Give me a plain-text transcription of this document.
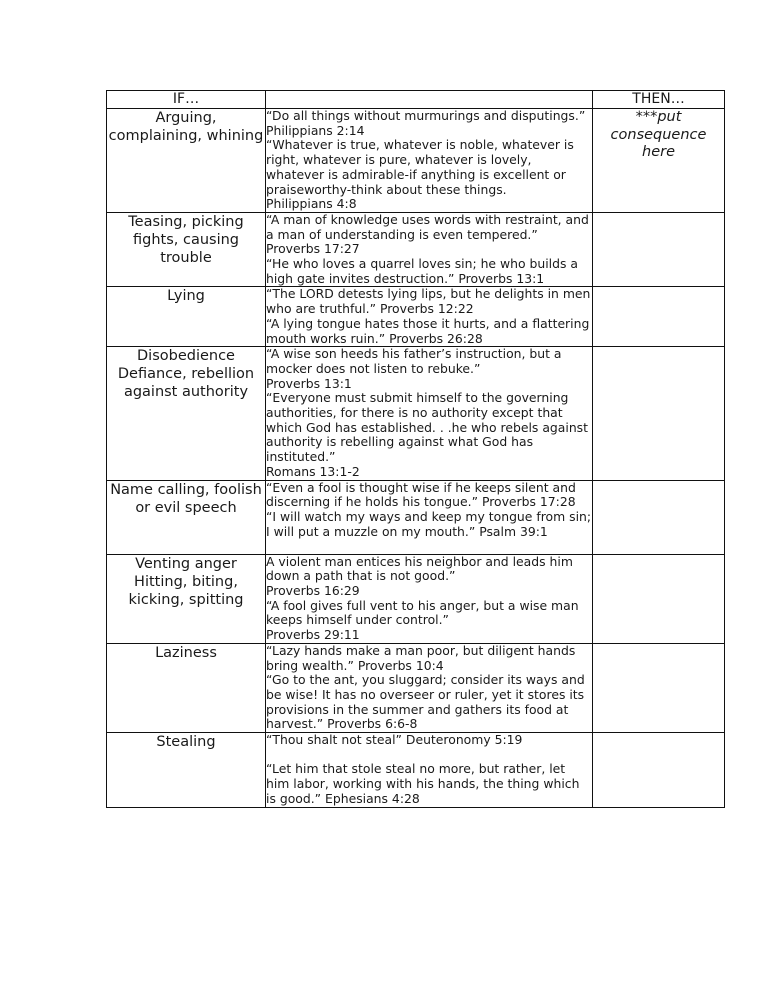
IF…		THEN…
Arguing, complaining, whining	“Do all things without murmurings and disputings.” Philippians 2:14
“Whatever is true, whatever is noble, whatever is right, whatever is pure, whatever is lovely, whatever is admirable-if anything is excellent or praiseworthy-think about these things.
Philippians 4:8	***put consequence here
Teasing, picking fights, causing trouble	“A man of knowledge uses words with restraint, and a man of understanding is even tempered.”
Proverbs 17:27
“He who loves a quarrel loves sin; he who builds a high gate invites destruction.” Proverbs 13:1	

Lying	“The LORD detests lying lips, but he delights in men who are truthful.” Proverbs 12:22
“A lying tongue hates those it hurts, and a flattering mouth works ruin.” Proverbs 26:28	

Disobedience Defiance, rebellion against authority	“A wise son heeds his father’s instruction, but a mocker does not listen to rebuke.”
Proverbs 13:1
“Everyone must submit himself to the governing authorities, for there is no authority except that which God has established. . .he who rebels against authority is rebelling against what God has instituted.”
Romans 13:1-2	

Name calling, foolish or evil speech	“Even a fool is thought wise if he keeps silent and discerning if he holds his tongue.” Proverbs 17:28
“I will watch my ways and keep my tongue from sin; I will put a muzzle on my mouth.” Psalm 39:1	

Venting anger Hitting, biting, kicking, spitting	A violent man entices his neighbor and leads him down a path that is not good.”
Proverbs 16:29
“A fool gives full vent to his anger, but a wise man keeps himself under control.”
Proverbs 29:11	

Laziness	“Lazy hands make a man poor, but diligent hands bring wealth.” Proverbs 10:4
“Go to the ant, you sluggard; consider its ways and be wise! It has no overseer or ruler, yet it stores its provisions in the summer and gathers its food at harvest.” Proverbs 6:6-8	

Stealing	“Thou shalt not steal” Deuteronomy 5:19
“Let him that stole steal no more, but rather, let him labor, working with his hands, the thing which is good.” Ephesians 4:28	
